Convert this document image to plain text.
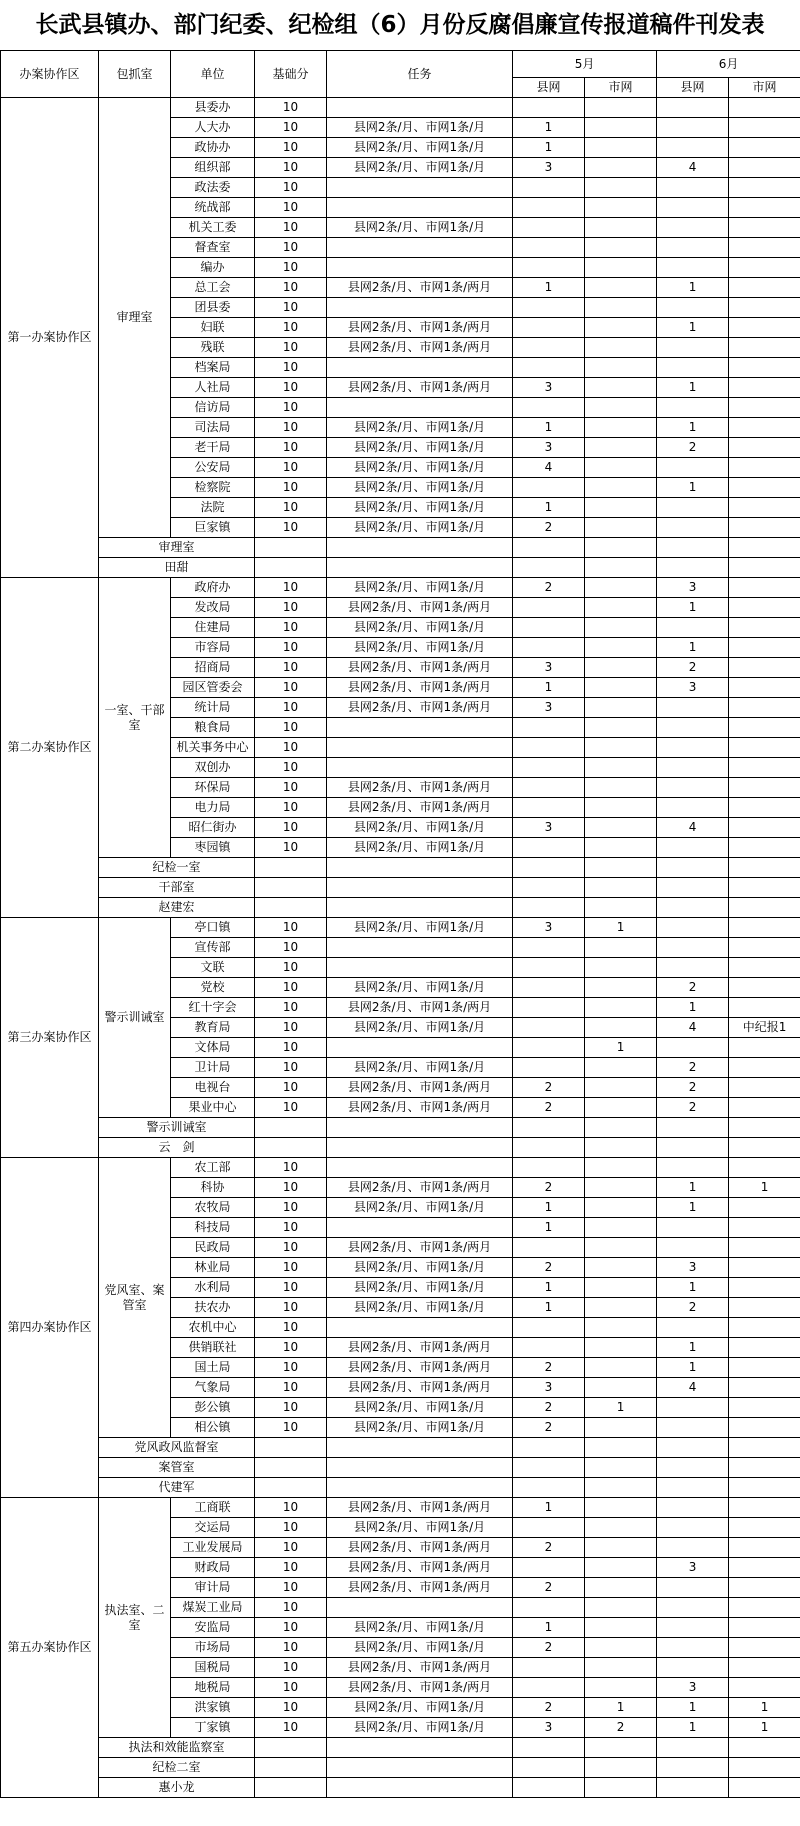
长武县镇办、部门纪委、纪检组（6）月份反腐倡廉宣传报道稿件刊发表
办案协作区	包抓室	单位	基础分	任务	5月		6月	
					县网	市网	县网	市网
第一办案协作区	审理室	县委办	10					
		人大办	10	县网2条/月、市网1条/月	1			
		政协办	10	县网2条/月、市网1条/月	1			
		组织部	10	县网2条/月、市网1条/月	3		4	
		政法委	10					
		统战部	10					
		机关工委	10	县网2条/月、市网1条/月				
		督查室	10					
		编办	10					
		总工会	10	县网2条/月、市网1条/两月	1		1	
		团县委	10					
		妇联	10	县网2条/月、市网1条/两月			1	
		残联	10	县网2条/月、市网1条/两月				
		档案局	10					
		人社局	10	县网2条/月、市网1条/两月	3		1	
		信访局	10					
		司法局	10	县网2条/月、市网1条/月	1		1	
		老干局	10	县网2条/月、市网1条/月	3		2	
		公安局	10	县网2条/月、市网1条/月	4			
		检察院	10	县网2条/月、市网1条/月			1	
		法院	10	县网2条/月、市网1条/月	1			
		巨家镇	10	县网2条/月、市网1条/月	2			
	审理室							
	田甜							
第二办案协作区	一室、干部室	政府办	10	县网2条/月、市网1条/月	2		3	
		发改局	10	县网2条/月、市网1条/两月			1	
		住建局	10	县网2条/月、市网1条/月				
		市容局	10	县网2条/月、市网1条/月			1	
		招商局	10	县网2条/月、市网1条/两月	3		2	
		园区管委会	10	县网2条/月、市网1条/两月	1		3	
		统计局	10	县网2条/月、市网1条/两月	3			
		粮食局	10					
		机关事务中心	10					
		双创办	10					
		环保局	10	县网2条/月、市网1条/两月				
		电力局	10	县网2条/月、市网1条/两月				
		昭仁街办	10	县网2条/月、市网1条/月	3		4	
		枣园镇	10	县网2条/月、市网1条/月				
	纪检一室							
	干部室							
	赵建宏							
第三办案协作区	警示训诫室	亭口镇	10	县网2条/月、市网1条/月	3	1		
		宣传部	10					
		文联	10					
		党校	10	县网2条/月、市网1条/月			2	
		红十字会	10	县网2条/月、市网1条/两月			1	
		教育局	10	县网2条/月、市网1条/月			4	中纪报1
		文体局	10			1		
		卫计局	10	县网2条/月、市网1条/月			2	
		电视台	10	县网2条/月、市网1条/两月	2		2	
		果业中心	10	县网2条/月、市网1条/两月	2		2	
	警示训诫室							
	云　剑							
第四办案协作区	党风室、案管室	农工部	10					
		科协	10	县网2条/月、市网1条/两月	2		1	1
		农牧局	10	县网2条/月、市网1条/月	1		1	
		科技局	10		1			
		民政局	10	县网2条/月、市网1条/两月				
		林业局	10	县网2条/月、市网1条/月	2		3	
		水利局	10	县网2条/月、市网1条/月	1		1	
		扶农办	10	县网2条/月、市网1条/月	1		2	
		农机中心	10					
		供销联社	10	县网2条/月、市网1条/两月			1	
		国土局	10	县网2条/月、市网1条/两月	2		1	
		气象局	10	县网2条/月、市网1条/两月	3		4	
		彭公镇	10	县网2条/月、市网1条/月	2	1		
		相公镇	10	县网2条/月、市网1条/月	2			
	党风政风监督室							
	案管室							
	代建军							
第五办案协作区	执法室、二室	工商联	10	县网2条/月、市网1条/两月	1			
		交运局	10	县网2条/月、市网1条/月				
		工业发展局	10	县网2条/月、市网1条/两月	2			
		财政局	10	县网2条/月、市网1条/两月			3	
		审计局	10	县网2条/月、市网1条/两月	2			
		煤炭工业局	10					
		安监局	10	县网2条/月、市网1条/月	1			
		市场局	10	县网2条/月、市网1条/月	2			
		国税局	10	县网2条/月、市网1条/两月				
		地税局	10	县网2条/月、市网1条/两月			3	
		洪家镇	10	县网2条/月、市网1条/月	2	1	1	1
		丁家镇	10	县网2条/月、市网1条/月	3	2	1	1
	执法和效能监察室							
	纪检二室							
	惠小龙							
